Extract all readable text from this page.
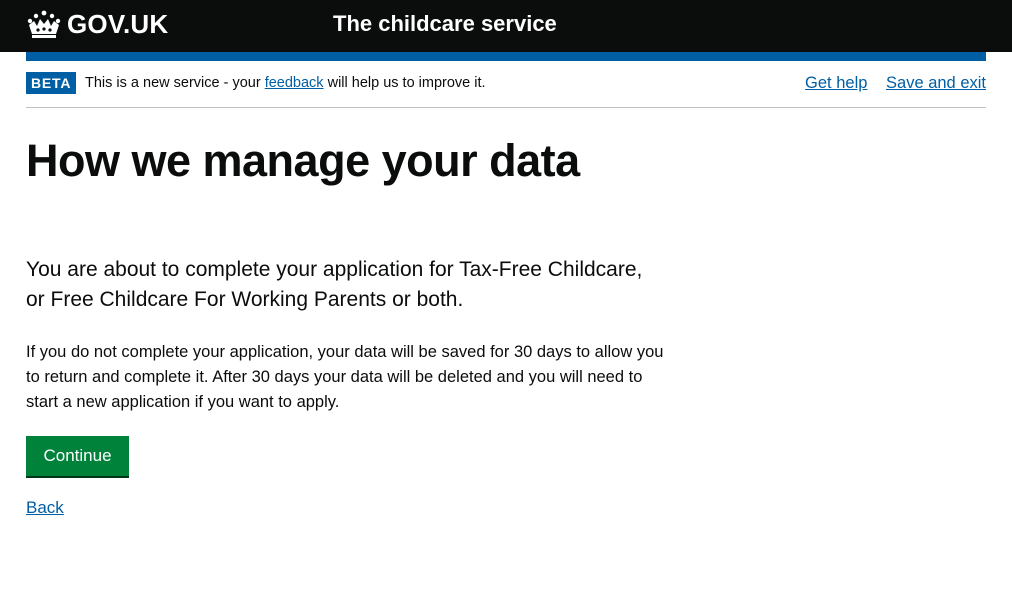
GOV.UK	The childcare service
BETA This is a new service - your feedback will help us to improve it.	Get help Save and exit
How we manage your data

You are about to complete your application for Tax-Free Childcare, or Free Childcare For Working Parents or both.

If you do not complete your application, your data will be saved for 30 days to allow you to return and complete it. After 30 days your data will be deleted and you will need to start a new application if you want to apply.

Continue
Back
